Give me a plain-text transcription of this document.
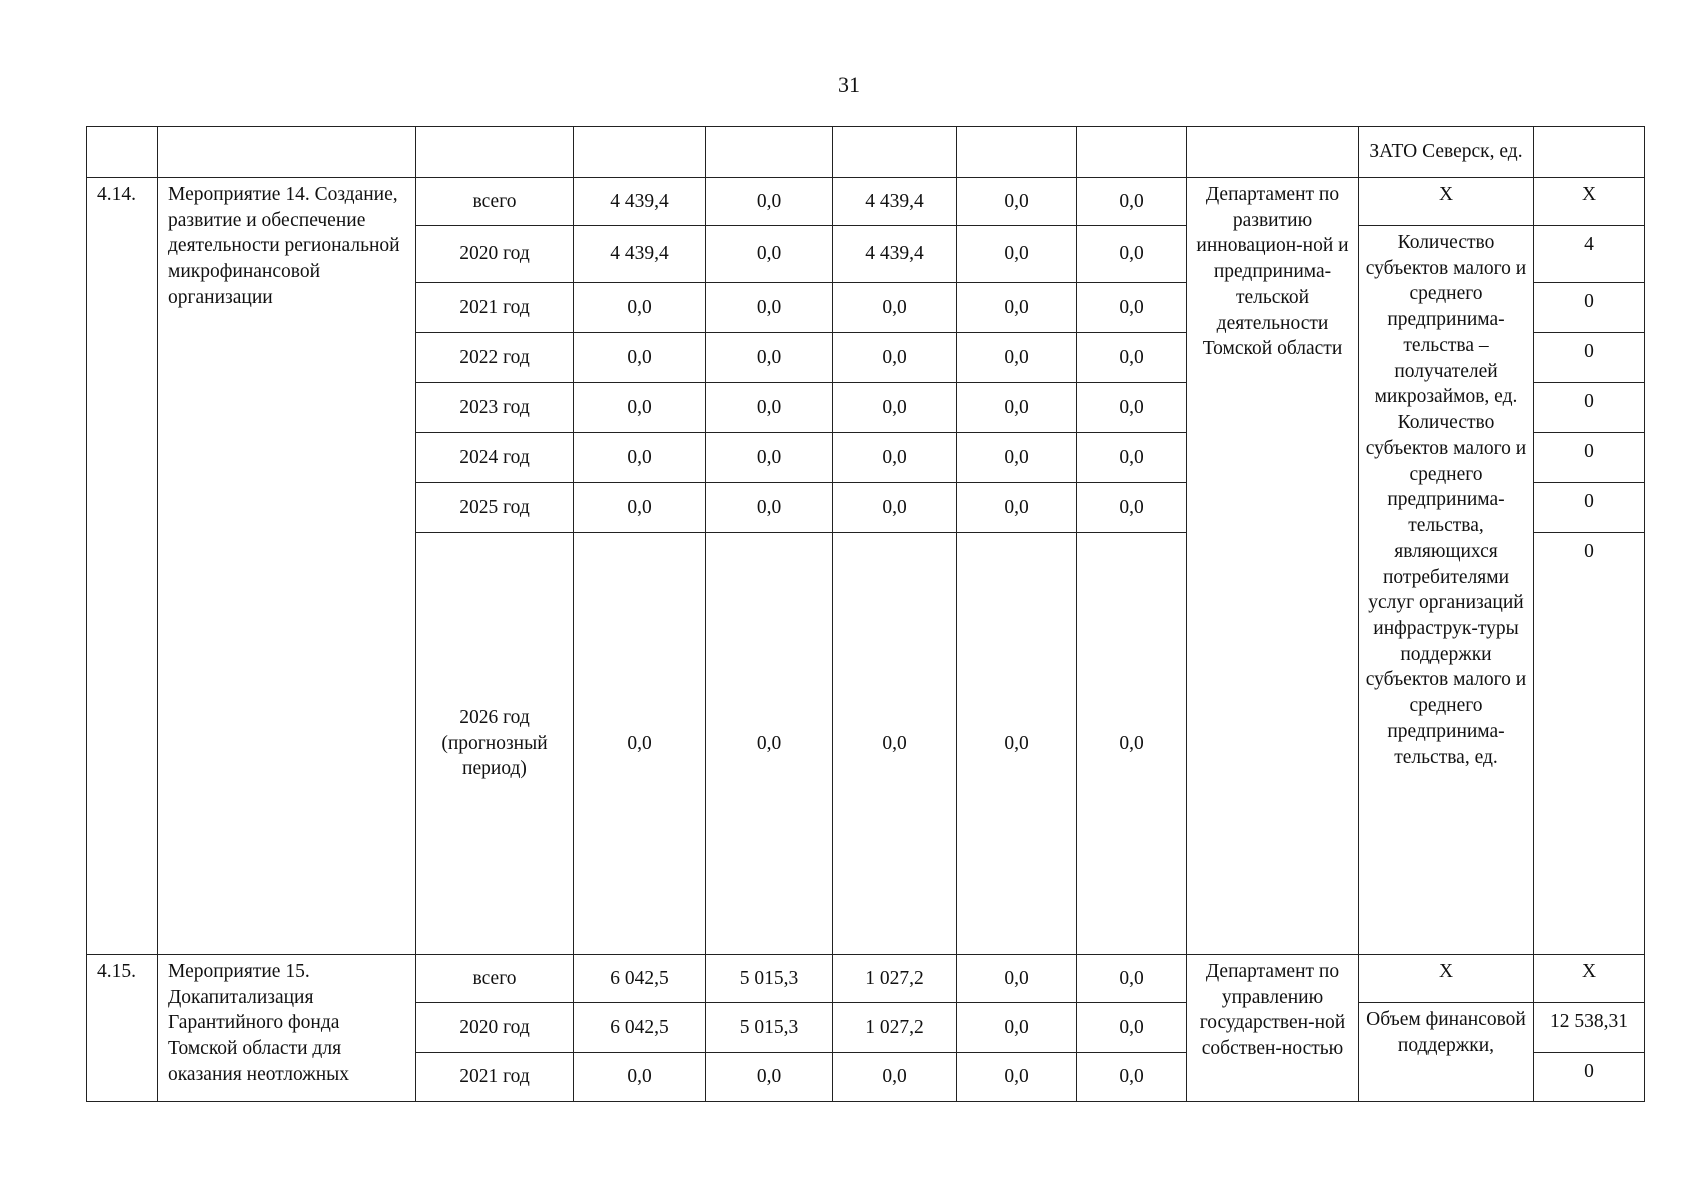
31
									ЗАТО Северск, ед.	
4.14.	Мероприятие 14. Создание, развитие и обеспечение деятельности региональной микрофинансовой организации	всего	4 439,4	0,0	4 439,4	0,0	0,0	Департамент по развитию инновацион-ной и предпринима-тельской деятельности Томской области	Х	Х
		2020 год	4 439,4	0,0	4 439,4	0,0	0,0		Количество субъектов малого и среднего предпринима-тельства – получателей микрозаймов, ед. Количество субъектов малого и среднего предпринима-тельства, являющихся потребителями услуг организаций инфраструк-туры поддержки субъектов малого и среднего предпринима-тельства, ед.	4
		2021 год	0,0	0,0	0,0	0,0	0,0			0
		2022 год	0,0	0,0	0,0	0,0	0,0			0
		2023 год	0,0	0,0	0,0	0,0	0,0			0
		2024 год	0,0	0,0	0,0	0,0	0,0			0
		2025 год	0,0	0,0	0,0	0,0	0,0			0
		2026 год (прогнозный период)	0,0	0,0	0,0	0,0	0,0			0
4.15.	Мероприятие 15. Докапитализация Гарантийного фонда Томской области для оказания неотложных	всего	6 042,5	5 015,3	1 027,2	0,0	0,0	Департамент по управлению государствен-ной собствен-ностью	Х	Х
		2020 год	6 042,5	5 015,3	1 027,2	0,0	0,0		Объем финансовой поддержки,	12 538,31
		2021 год	0,0	0,0	0,0	0,0	0,0			0
